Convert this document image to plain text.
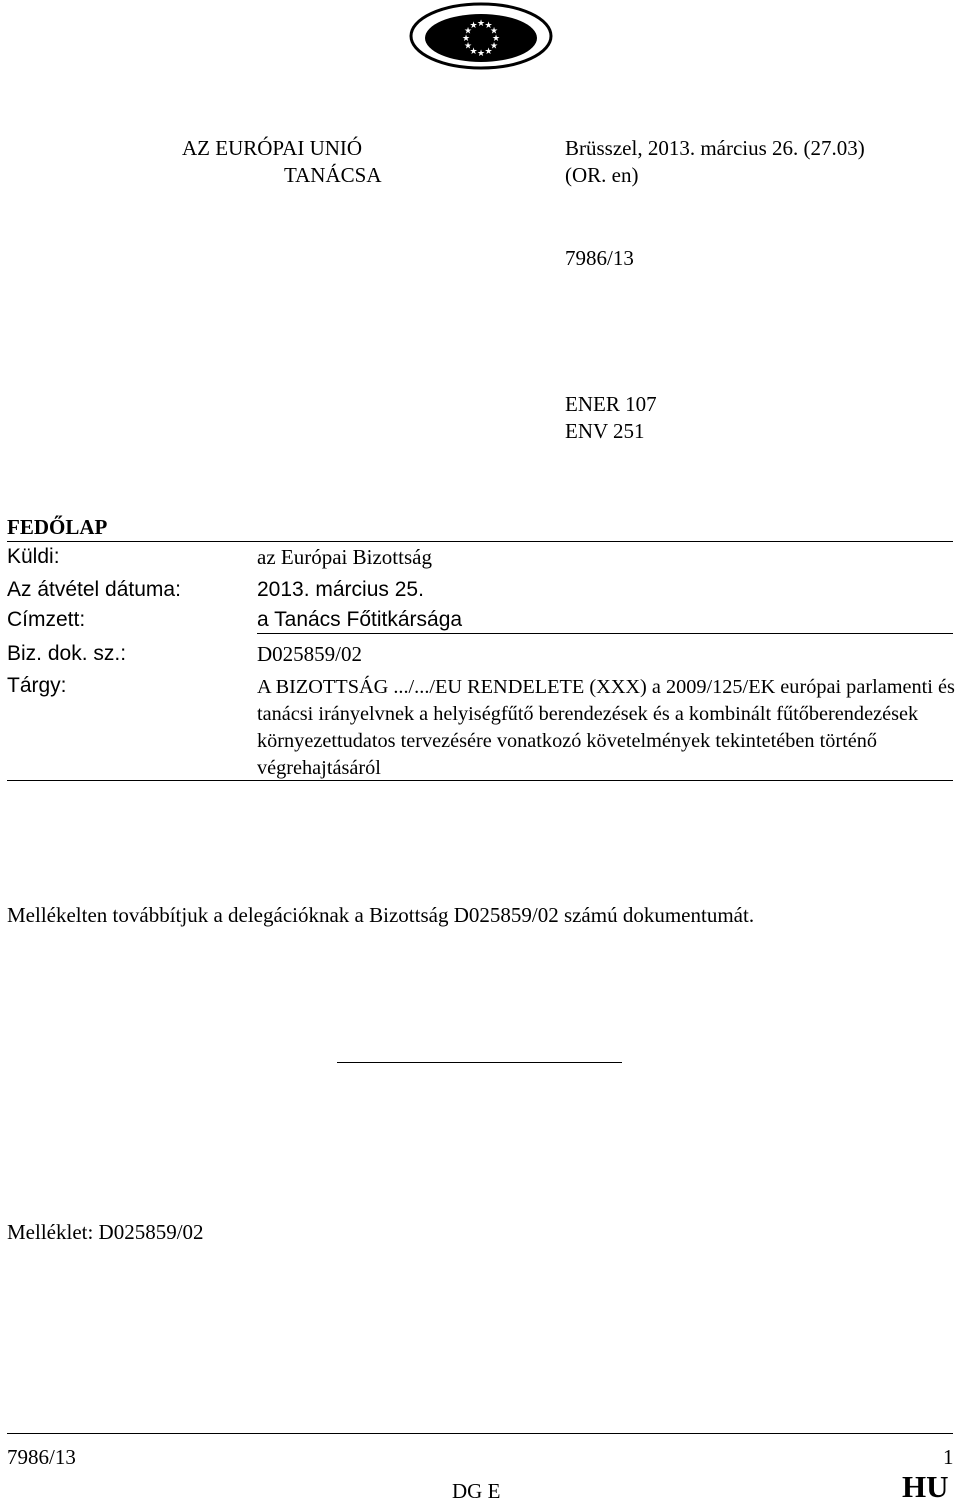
★
★
★
★
★
★
★
★
★ ★ ★
★
AZ EURÓPAI UNIÓ
TANÁCSA
Brüsszel, 2013. március 26. (27.03)
(OR. en)
7986/13
ENER 107
ENV 251
FEDŐLAP
Küldi:	az Európai Bizottság
Az átvétel dátuma:	2013. március 25.
Címzett:	a Tanács Főtitkársága
Biz. dok. sz.:	D025859/02
Tárgy:	A BIZOTTSÁG .../.../EU RENDELETE (XXX) a 2009/125/EK európai parlamenti és tanácsi irányelvnek a helyiségfűtő berendezések és a kombinált fűtőberendezések környezettudatos tervezésére vonatkozó követelmények tekintetében történő végrehajtásáról
Mellékelten továbbítjuk a delegációknak a Bizottság D025859/02 számú dokumentumát.
Melléklet: D025859/02
7986/13	1
DG E	HU
